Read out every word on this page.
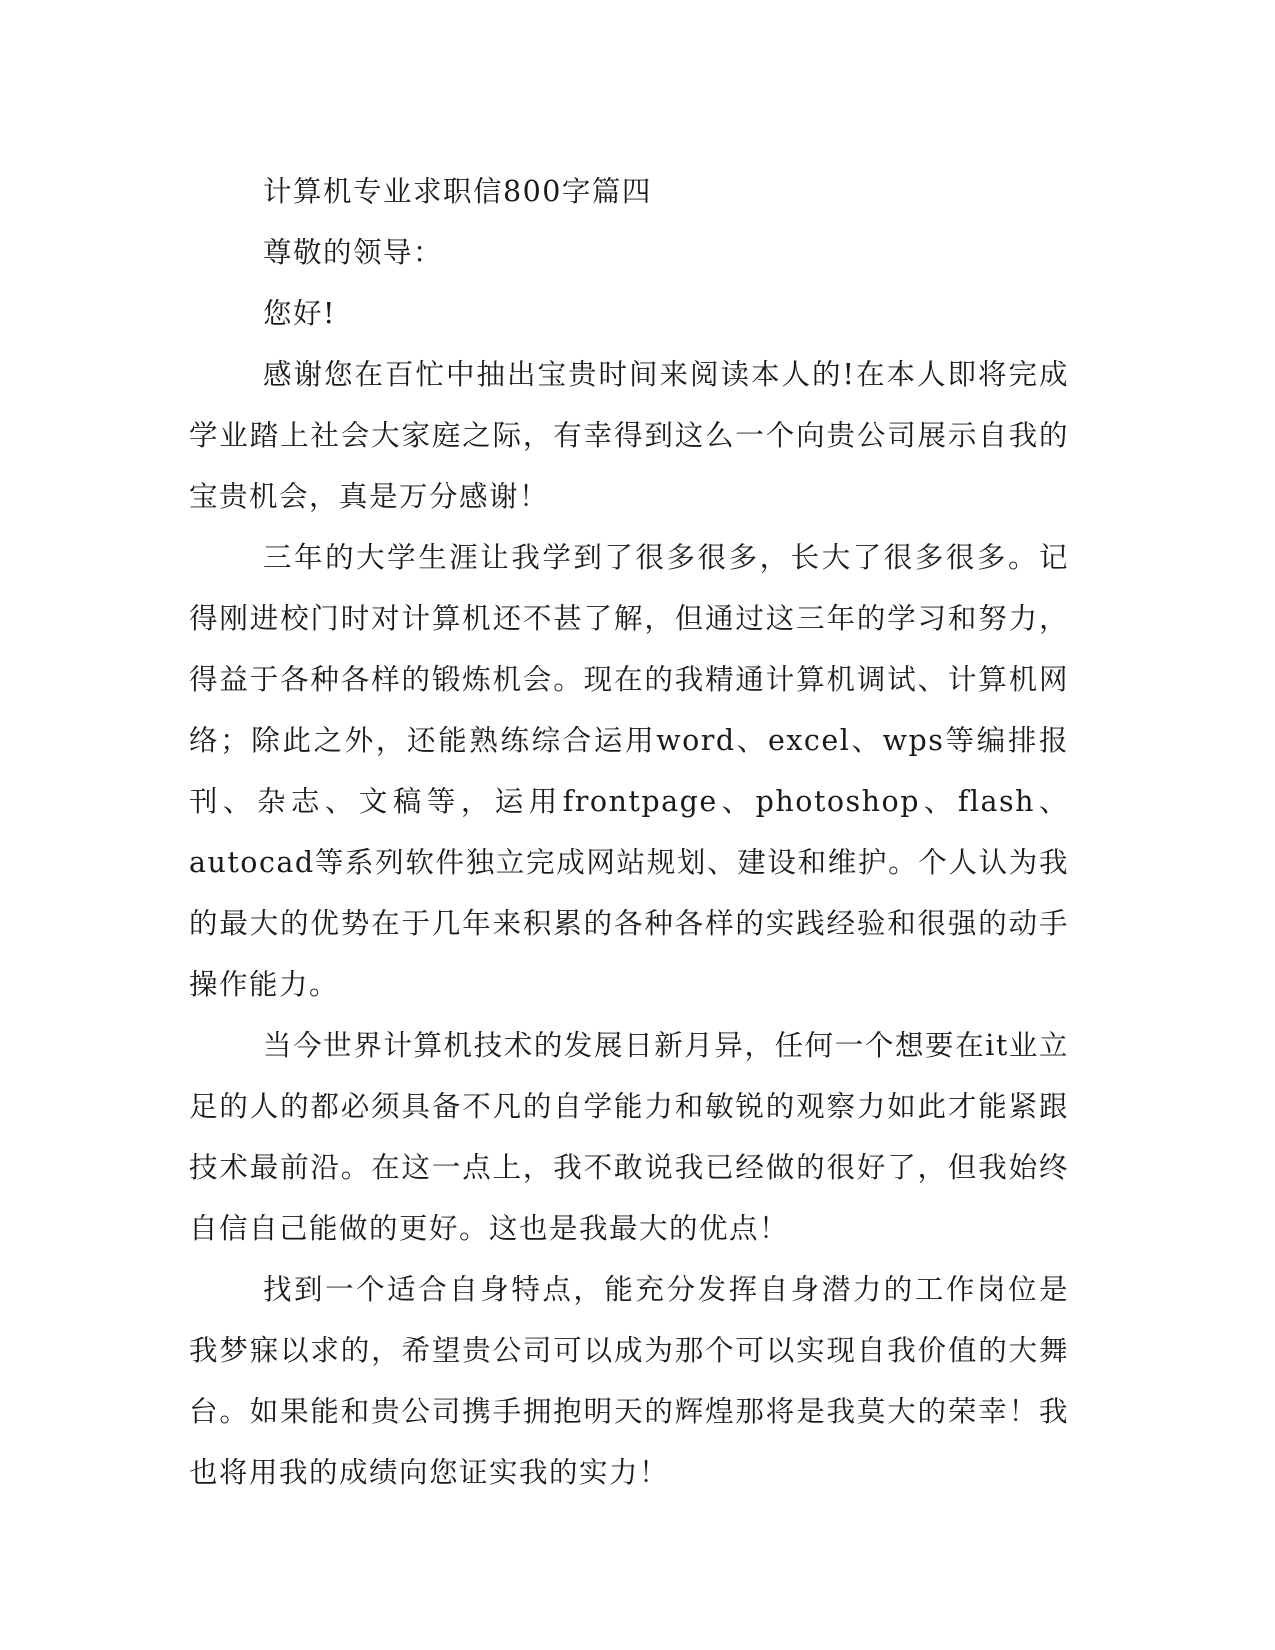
计算机专业求职信800字篇四

尊敬的领导：

您好!

感谢您在百忙中抽出宝贵时间来阅读本人的!在本人即将完成学业踏上社会大家庭之际，有幸得到这么一个向贵公司展示自我的宝贵机会，真是万分感谢！

三年的大学生涯让我学到了很多很多，长大了很多很多。记得刚进校门时对计算机还不甚了解，但通过这三年的学习和努力，得益于各种各样的锻炼机会。现在的我精通计算机调试、计算机网络；除此之外，还能熟练综合运用word、excel、wps等编排报刊、杂志、文稿等，运用frontpage、photoshop、flash、autocad等系列软件独立完成网站规划、建设和维护。个人认为我的最大的优势在于几年来积累的各种各样的实践经验和很强的动手操作能力。

当今世界计算机技术的发展日新月异，任何一个想要在it业立足的人的都必须具备不凡的自学能力和敏锐的观察力如此才能紧跟技术最前沿。在这一点上，我不敢说我已经做的很好了，但我始终自信自己能做的更好。这也是我最大的优点！

找到一个适合自身特点，能充分发挥自身潜力的工作岗位是我梦寐以求的，希望贵公司可以成为那个可以实现自我价值的大舞台。如果能和贵公司携手拥抱明天的辉煌那将是我莫大的荣幸！我也将用我的成绩向您证实我的实力！
